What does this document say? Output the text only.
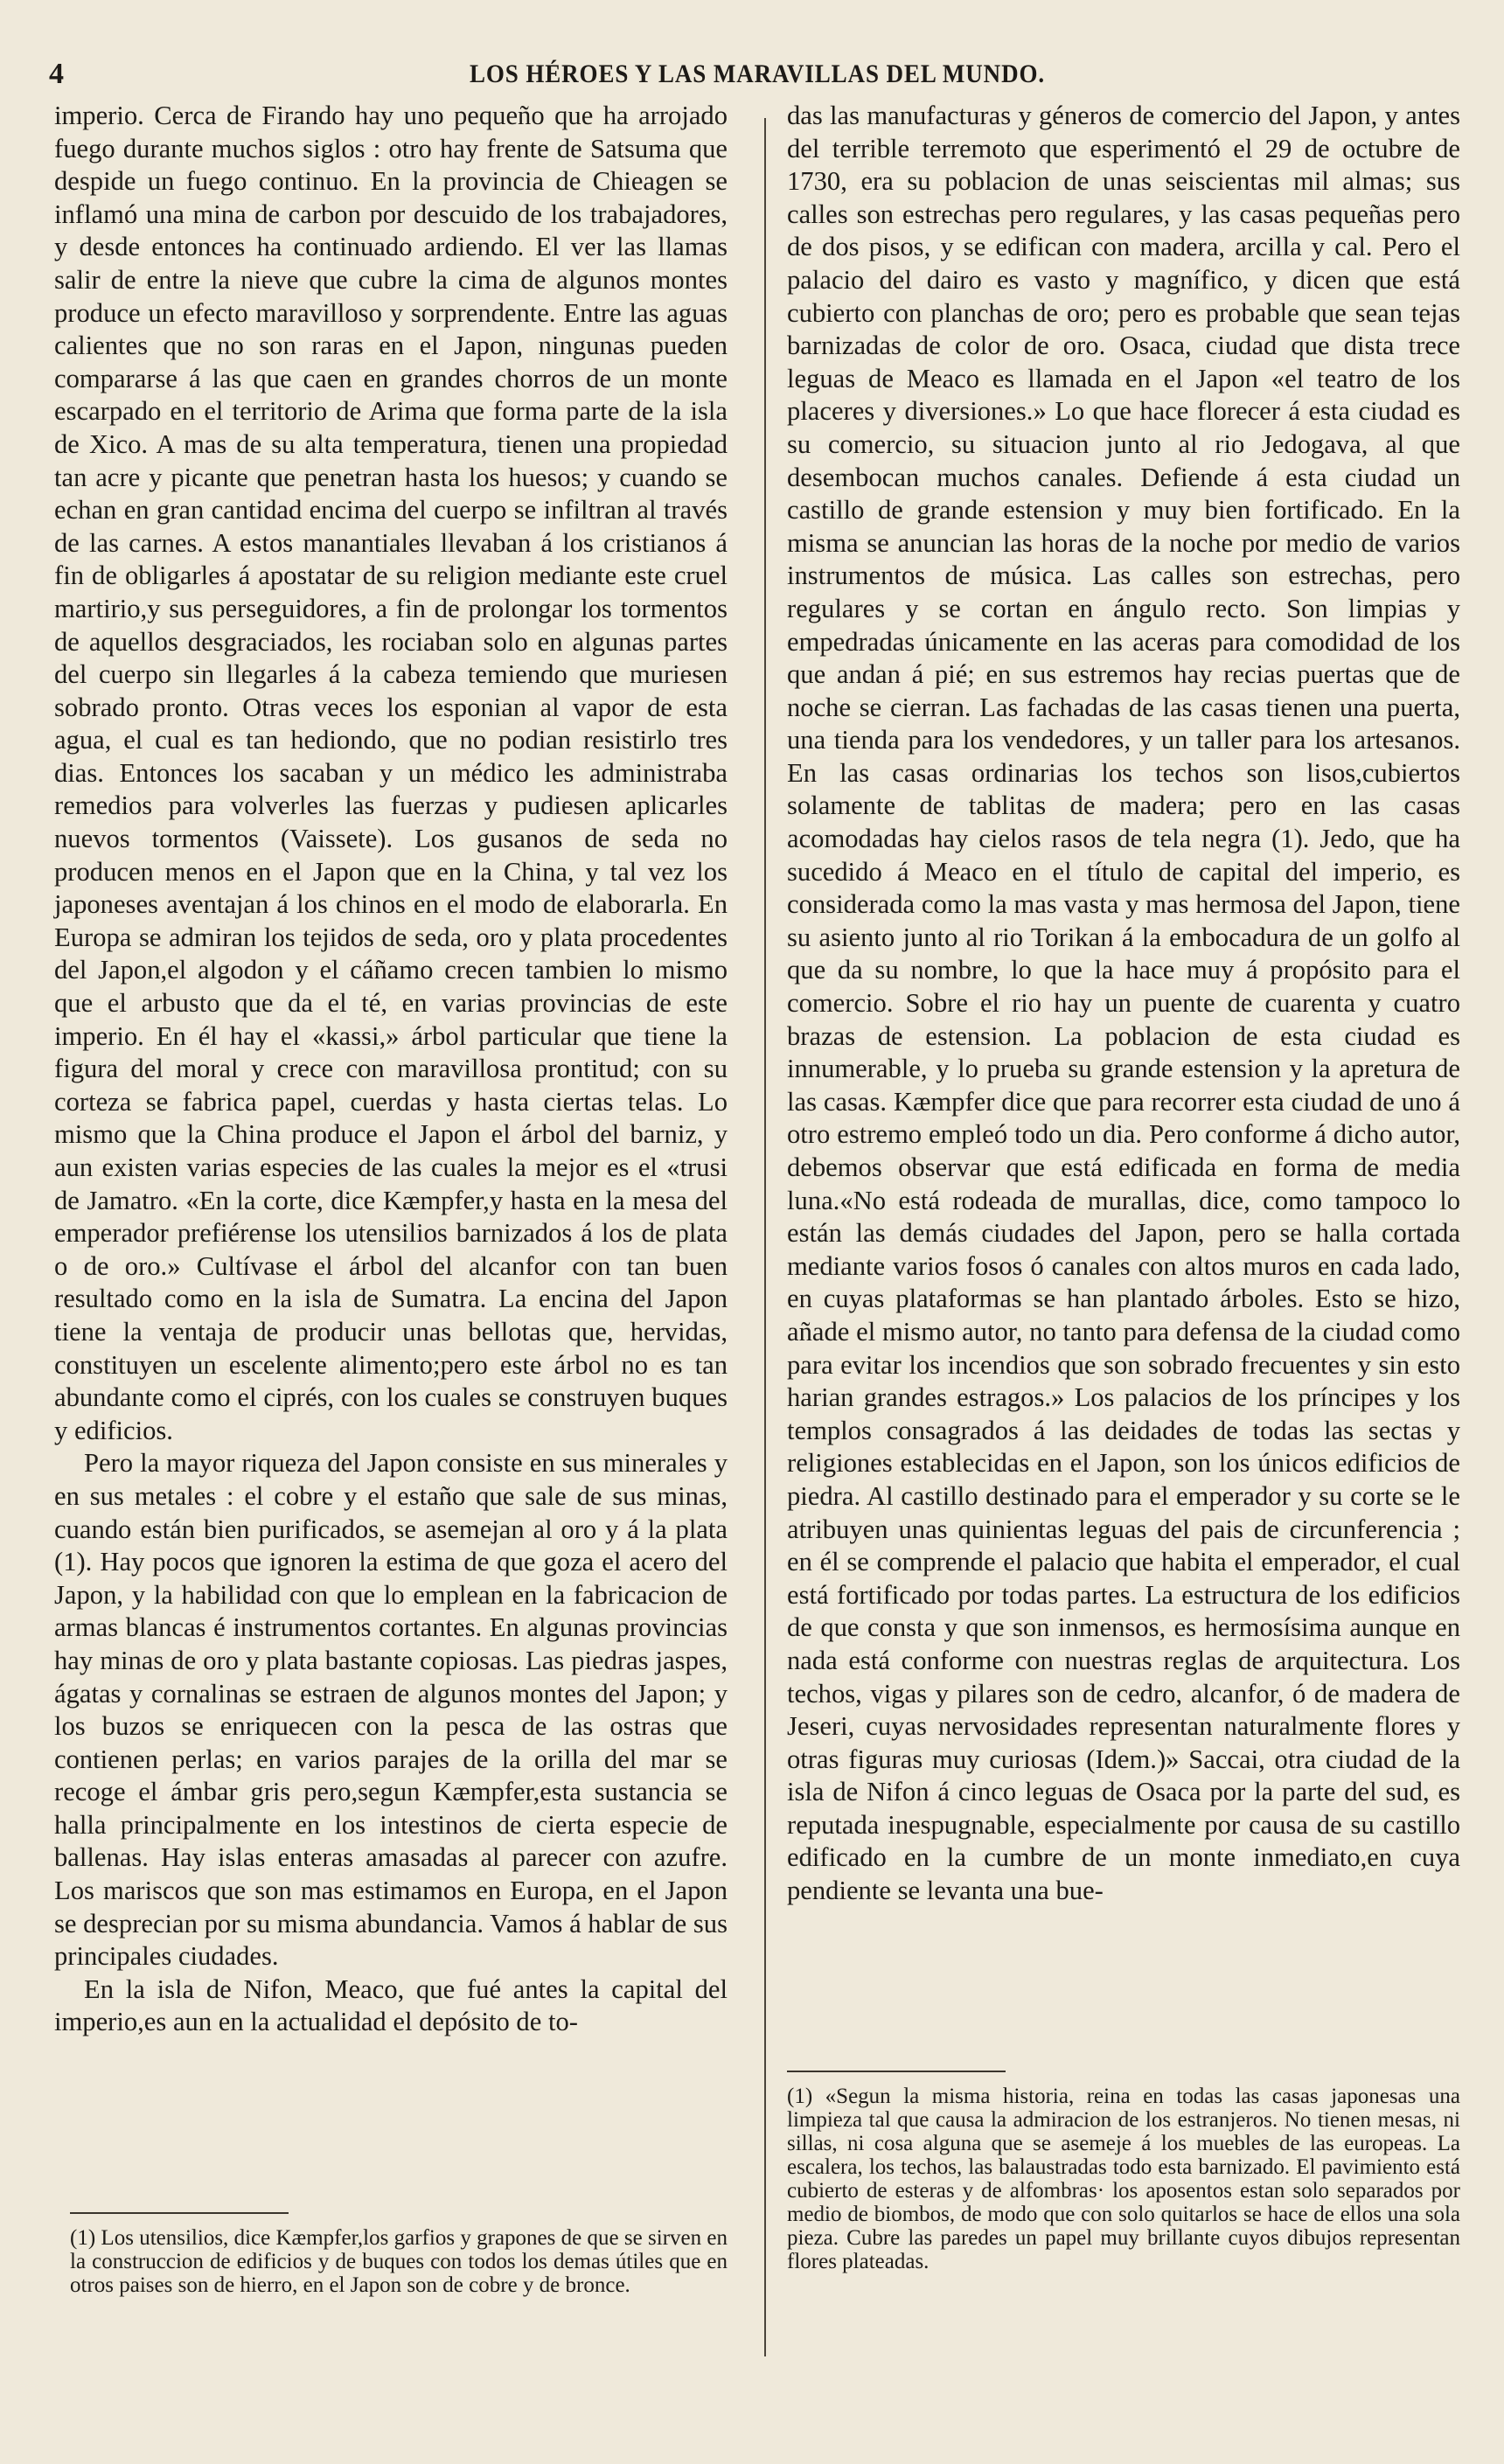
4	LOS HÉROES Y LAS MARAVILLAS DEL MUNDO.

imperio. Cerca de Firando hay uno pequeño que ha arrojado fuego durante muchos siglos : otro hay frente de Satsuma que despide un fuego continuo. En la provincia de Chieagen se inflamó una mina de carbon por descuido de los trabajadores, y desde entonces ha continuado ardiendo. El ver las llamas salir de entre la nieve que cubre la cima de algunos montes produce un efecto maravilloso y sorprendente. Entre las aguas calientes que no son raras en el Japon, ningunas pueden compararse á las que caen en grandes chorros de un monte escarpado en el territorio de Arima que forma parte de la isla de Xico. A mas de su alta temperatura, tienen una propiedad tan acre y picante que penetran hasta los huesos; y cuando se echan en gran cantidad encima del cuerpo se infiltran al través de las carnes. A estos manantiales llevaban á los cristianos á fin de obligarles á apostatar de su religion mediante este cruel martirio,y sus perseguidores, a fin de prolongar los tormentos de aquellos desgraciados, les rociaban solo en algunas partes del cuerpo sin llegarles á la cabeza temiendo que muriesen sobrado pronto. Otras veces los esponian al vapor de esta agua, el cual es tan hediondo, que no podian resistirlo tres dias. Entonces los sacaban y un médico les administraba remedios para volverles las fuerzas y pudiesen aplicarles nuevos tormentos (Vaissete). Los gusanos de seda no producen menos en el Japon que en la China, y tal vez los japoneses aventajan á los chinos en el modo de elaborarla. En Europa se admiran los tejidos de seda, oro y plata procedentes del Japon,el algodon y el cáñamo crecen tambien lo mismo que el arbusto que da el té, en varias provincias de este imperio. En él hay el «kassi,» árbol particular que tiene la figura del moral y crece con maravillosa prontitud; con su corteza se fabrica papel, cuerdas y hasta ciertas telas. Lo mismo que la China produce el Japon el árbol del barniz, y aun existen varias especies de las cuales la mejor es el «trusi de Jamatro. «En la corte, dice Kæmpfer,y hasta en la mesa del emperador prefiérense los utensilios barnizados á los de plata o de oro.» Cultívase el árbol del alcanfor con tan buen resultado como en la isla de Sumatra. La encina del Japon tiene la ventaja de producir unas bellotas que, hervidas, constituyen un escelente alimento;pero este árbol no es tan abundante como el ciprés, con los cuales se construyen buques y edificios.

Pero la mayor riqueza del Japon consiste en sus minerales y en sus metales : el cobre y el estaño que sale de sus minas, cuando están bien purificados, se asemejan al oro y á la plata (1). Hay pocos que ignoren la estima de que goza el acero del Japon, y la habilidad con que lo emplean en la fabricacion de armas blancas é instrumentos cortantes. En algunas provincias hay minas de oro y plata bastante copiosas. Las piedras jaspes, ágatas y cornalinas se estraen de algunos montes del Japon; y los buzos se enriquecen con la pesca de las ostras que contienen perlas; en varios parajes de la orilla del mar se recoge el ámbar gris pero,segun Kæmpfer,esta sustancia se halla principalmente en los intestinos de cierta especie de ballenas. Hay islas enteras amasadas al parecer con azufre. Los mariscos que son mas estimamos en Europa, en el Japon se desprecian por su misma abundancia. Vamos á hablar de sus principales ciudades.

En la isla de Nifon, Meaco, que fué antes la capital del imperio,es aun en la actualidad el depósito de to-

das las manufacturas y géneros de comercio del Japon, y antes del terrible terremoto que esperimentó el 29 de octubre de 1730, era su poblacion de unas seiscientas mil almas; sus calles son estrechas pero regulares, y las casas pequeñas pero de dos pisos, y se edifican con madera, arcilla y cal. Pero el palacio del dairo es vasto y magnífico, y dicen que está cubierto con planchas de oro; pero es probable que sean tejas barnizadas de color de oro. Osaca, ciudad que dista trece leguas de Meaco es llamada en el Japon «el teatro de los placeres y diversiones.» Lo que hace florecer á esta ciudad es su comercio, su situacion junto al rio Jedogava, al que desembocan muchos canales. Defiende á esta ciudad un castillo de grande estension y muy bien fortificado. En la misma se anuncian las horas de la noche por medio de varios instrumentos de música. Las calles son estrechas, pero regulares y se cortan en ángulo recto. Son limpias y empedradas únicamente en las aceras para comodidad de los que andan á pié; en sus estremos hay recias puertas que de noche se cierran. Las fachadas de las casas tienen una puerta, una tienda para los vendedores, y un taller para los artesanos. En las casas ordinarias los techos son lisos,cubiertos solamente de tablitas de madera; pero en las casas acomodadas hay cielos rasos de tela negra (1). Jedo, que ha sucedido á Meaco en el título de capital del imperio, es considerada como la mas vasta y mas hermosa del Japon, tiene su asiento junto al rio Torikan á la embocadura de un golfo al que da su nombre, lo que la hace muy á propósito para el comercio. Sobre el rio hay un puente de cuarenta y cuatro brazas de estension. La poblacion de esta ciudad es innumerable, y lo prueba su grande estension y la apretura de las casas. Kæmpfer dice que para recorrer esta ciudad de uno á otro estremo empleó todo un dia. Pero conforme á dicho autor, debemos observar que está edificada en forma de media luna.«No está rodeada de murallas, dice, como tampoco lo están las demás ciudades del Japon, pero se halla cortada mediante varios fosos ó canales con altos muros en cada lado, en cuyas plataformas se han plantado árboles. Esto se hizo, añade el mismo autor, no tanto para defensa de la ciudad como para evitar los incendios que son sobrado frecuentes y sin esto harian grandes estragos.» Los palacios de los príncipes y los templos consagrados á las deidades de todas las sectas y religiones establecidas en el Japon, son los únicos edificios de piedra. Al castillo destinado para el emperador y su corte se le atribuyen unas quinientas leguas del pais de circunferencia ; en él se comprende el palacio que habita el emperador, el cual está fortificado por todas partes. La estructura de los edificios de que consta y que son inmensos, es hermosísima aunque en nada está conforme con nuestras reglas de arquitectura. Los techos, vigas y pilares son de cedro, alcanfor, ó de madera de Jeseri, cuyas nervosidades representan naturalmente flores y otras figuras muy curiosas (Idem.)» Saccai, otra ciudad de la isla de Nifon á cinco leguas de Osaca por la parte del sud, es reputada inespugnable, especialmente por causa de su castillo edificado en la cumbre de un monte inmediato,en cuya pendiente se levanta una bue-

(1) Los utensilios, dice Kæmpfer,los garfios y grapones de que se sirven en la construccion de edificios y de buques con todos los demas útiles que en otros paises son de hierro, en el Japon son de cobre y de bronce.

(1) «Segun la misma historia, reina en todas las casas japonesas una limpieza tal que causa la admiracion de los estranjeros. No tienen mesas, ni sillas, ni cosa alguna que se asemeje á los muebles de las europeas. La escalera, los techos, las balaustradas todo esta barnizado. El pavimiento está cubierto de esteras y de alfombras· los aposentos estan solo separados por medio de biombos, de modo que con solo quitarlos se hace de ellos una sola pieza. Cubre las paredes un papel muy brillante cuyos dibujos representan flores plateadas.
